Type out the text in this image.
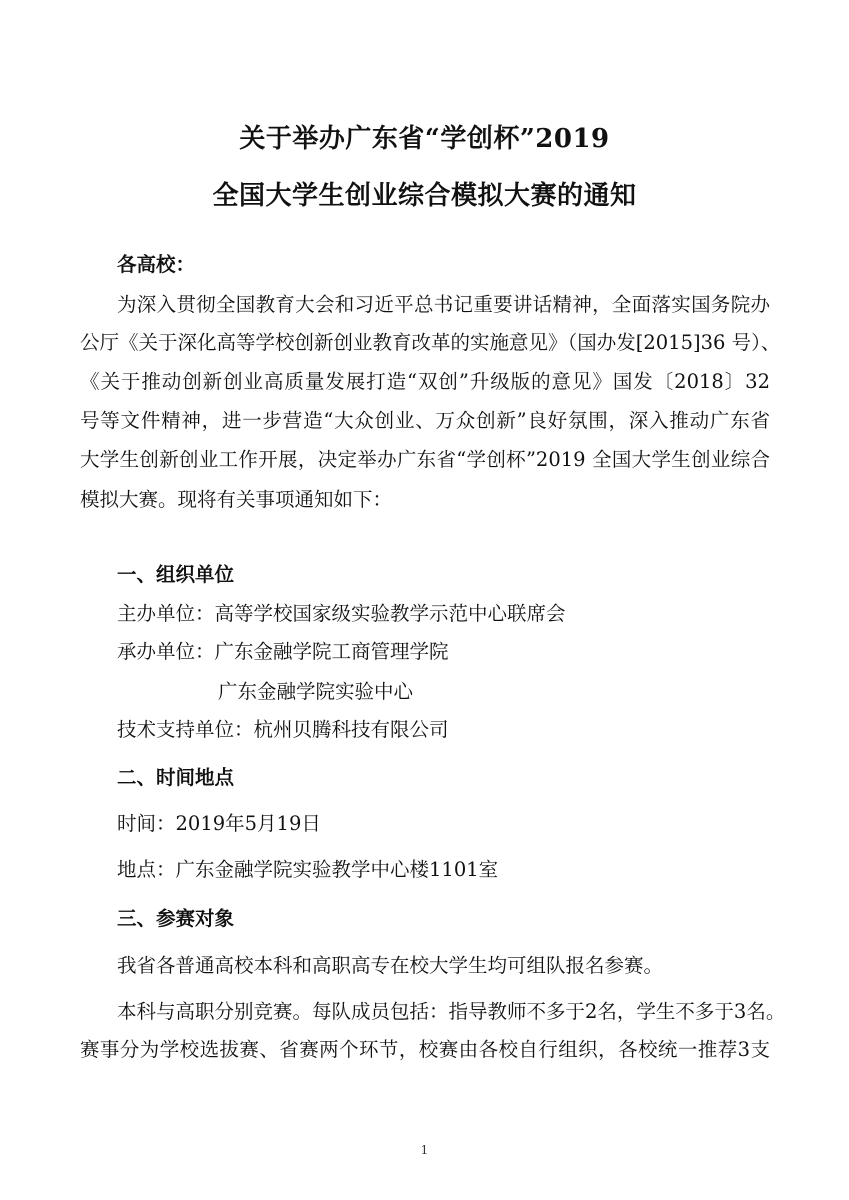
关于举办广东省“学创杯”2019
全国大学生创业综合模拟大赛的通知
各高校：
为深入贯彻全国教育大会和习近平总书记重要讲话精神，全面落实国务院办
公厅《关于深化高等学校创新创业教育改革的实施意见》（国办发[2015]36 号）、
《关于推动创新创业高质量发展打造“双创”升级版的意见》国发〔2018〕32
号等文件精神，进一步营造“大众创业、万众创新”良好氛围，深入推动广东省
大学生创新创业工作开展，决定举办广东省“学创杯”2019 全国大学生创业综合
模拟大赛。现将有关事项通知如下：
一、组织单位
主办单位：高等学校国家级实验教学示范中心联席会
承办单位：广东金融学院工商管理学院
广东金融学院实验中心
技术支持单位：杭州贝腾科技有限公司
二、时间地点
时间：2019年5月19日
地点：广东金融学院实验教学中心楼1101室
三、参赛对象
我省各普通高校本科和高职高专在校大学生均可组队报名参赛。
本科与高职分别竞赛。每队成员包括：指导教师不多于2名，学生不多于3名。
赛事分为学校选拔赛、省赛两个环节，校赛由各校自行组织，各校统一推荐3支
1
